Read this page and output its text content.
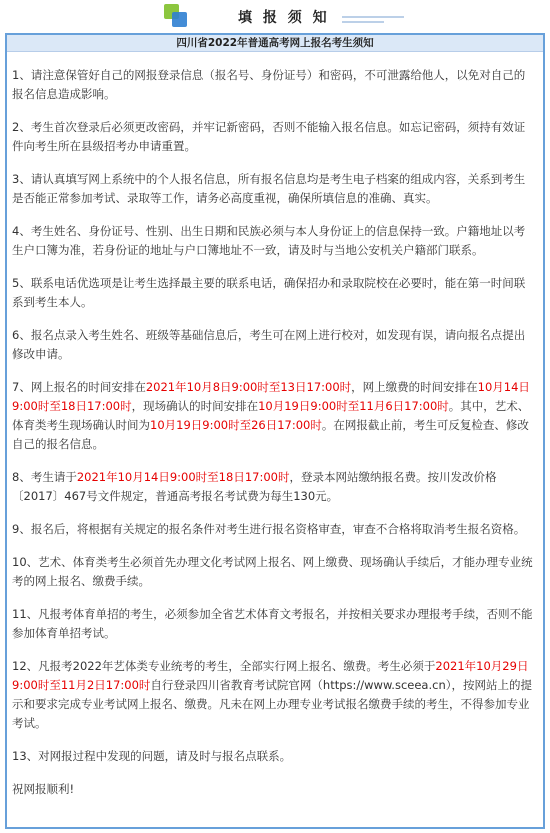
填 报 须 知
四川省2022年普通高考网上报名考生须知

1、请注意保管好自己的网报登录信息（报名号、身份证号）和密码，不可泄露给他人，以免对自己的报名信息造成影响。

2、考生首次登录后必须更改密码，并牢记新密码，否则不能输入报名信息。如忘记密码，须持有效证件向考生所在县级招考办申请重置。

3、请认真填写网上系统中的个人报名信息，所有报名信息均是考生电子档案的组成内容，关系到考生是否能正常参加考试、录取等工作，请务必高度重视，确保所填信息的准确、真实。

4、考生姓名、身份证号、性别、出生日期和民族必须与本人身份证上的信息保持一致。户籍地址以考生户口簿为准，若身份证的地址与户口簿地址不一致，请及时与当地公安机关户籍部门联系。

5、联系电话优选项是让考生选择最主要的联系电话，确保招办和录取院校在必要时，能在第一时间联系到考生本人。

6、报名点录入考生姓名、班级等基础信息后，考生可在网上进行校对，如发现有误，请向报名点提出修改申请。

7、网上报名的时间安排在2021年10月8日9:00时至13日17:00时，网上缴费的时间安排在10月14日9:00时至18日17:00时，现场确认的时间安排在10月19日9:00时至11月6日17:00时。其中，艺术、体育类考生现场确认时间为10月19日9:00时至26日17:00时。在网报截止前，考生可反复检查、修改自己的报名信息。

8、考生请于2021年10月14日9:00时至18日17:00时，登录本网站缴纳报名费。按川发改价格〔2017〕467号文件规定，普通高考报名考试费为每生130元。

9、报名后，将根据有关规定的报名条件对考生进行报名资格审查，审查不合格将取消考生报名资格。

10、艺术、体育类考生必须首先办理文化考试网上报名、网上缴费、现场确认手续后，才能办理专业统考的网上报名、缴费手续。

11、凡报考体育单招的考生，必须参加全省艺术体育文考报名，并按相关要求办理报考手续，否则不能参加体育单招考试。

12、凡报考2022年艺体类专业统考的考生，全部实行网上报名、缴费。考生必须于2021年10月29日9:00时至11月2日17:00时自行登录四川省教育考试院官网（https://www.sceea.cn），按网站上的提示和要求完成专业考试网上报名、缴费。凡未在网上办理专业考试报名缴费手续的考生，不得参加专业考试。

13、对网报过程中发现的问题，请及时与报名点联系。

祝网报顺利!
